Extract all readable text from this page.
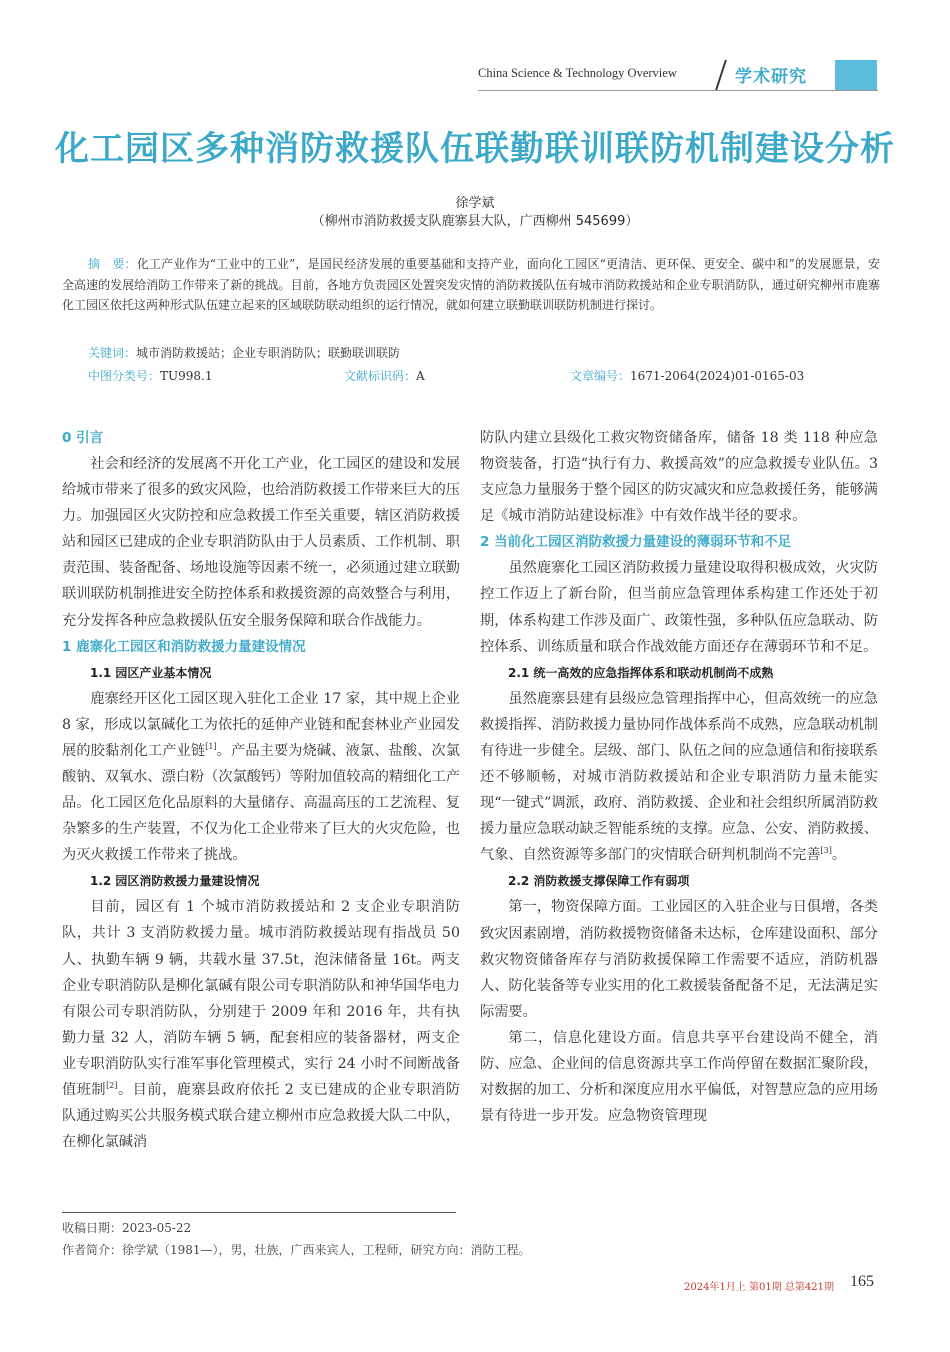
China Science & Technology Overview	学术研究
化工园区多种消防救援队伍联勤联训联防机制建设分析
徐学斌
（柳州市消防救援支队鹿寨县大队，广西柳州 545699）
摘　要：化工产业作为“工业中的工业”，是国民经济发展的重要基础和支持产业，面向化工园区“更清洁、更环保、更安全、碳中和”的发展愿景，安全高速的发展给消防工作带来了新的挑战。目前，各地方负责园区处置突发灾情的消防救援队伍有城市消防救援站和企业专职消防队，通过研究柳州市鹿寨化工园区依托这两种形式队伍建立起来的区域联防联动组织的运行情况，就如何建立联勤联训联防机制进行探讨。
关键词：城市消防救援站；企业专职消防队；联勤联训联防
中图分类号：TU998.1	文献标识码：A	文章编号：1671-2064(2024)01-0165-03
0 引言

社会和经济的发展离不开化工产业，化工园区的建设和发展给城市带来了很多的致灾风险，也给消防救援工作带来巨大的压力。加强园区火灾防控和应急救援工作至关重要，辖区消防救援站和园区已建成的企业专职消防队由于人员素质、工作机制、职责范围、装备配备、场地设施等因素不统一，必须通过建立联勤联训联防机制推进安全防控体系和救援资源的高效整合与利用，充分发挥各种应急救援队伍安全服务保障和联合作战能力。

1 鹿寨化工园区和消防救援力量建设情况
1.1 园区产业基本情况

鹿寨经开区化工园区现入驻化工企业 17 家，其中规上企业 8 家，形成以氯碱化工为依托的延伸产业链和配套林业产业园发展的胶黏剂化工产业链[1]。产品主要为烧碱、液氯、盐酸、次氯酸钠、双氧水、漂白粉（次氯酸钙）等附加值较高的精细化工产品。化工园区危化品原料的大量储存、高温高压的工艺流程、复杂繁多的生产装置，不仅为化工企业带来了巨大的火灾危险，也为灭火救援工作带来了挑战。

1.2 园区消防救援力量建设情况

目前，园区有 1 个城市消防救援站和 2 支企业专职消防队，共计 3 支消防救援力量。城市消防救援站现有指战员 50 人、执勤车辆 9 辆，共载水量 37.5t，泡沫储备量 16t。两支企业专职消防队是柳化氯碱有限公司专职消防队和神华国华电力有限公司专职消防队，分别建于 2009 年和 2016 年，共有执勤力量 32 人，消防车辆 5 辆，配套相应的装备器材，两支企业专职消防队实行准军事化管理模式，实行 24 小时不间断战备值班制[2]。目前，鹿寨县政府依托 2 支已建成的企业专职消防队通过购买公共服务模式联合建立柳州市应急救援大队二中队，在柳化氯碱消

防队内建立县级化工救灾物资储备库，储备 18 类 118 种应急物资装备，打造“执行有力、救援高效”的应急救援专业队伍。3 支应急力量服务于整个园区的防灾减灾和应急救援任务，能够满足《城市消防站建设标准》中有效作战半径的要求。

2 当前化工园区消防救援力量建设的薄弱环节和不足

虽然鹿寨化工园区消防救援力量建设取得积极成效，火灾防控工作迈上了新台阶，但当前应急管理体系构建工作还处于初期，体系构建工作涉及面广、政策性强，多种队伍应急联动、防控体系、训练质量和联合作战效能方面还存在薄弱环节和不足。

2.1 统一高效的应急指挥体系和联动机制尚不成熟

虽然鹿寨县建有县级应急管理指挥中心，但高效统一的应急救援指挥、消防救援力量协同作战体系尚不成熟，应急联动机制有待进一步健全。层级、部门、队伍之间的应急通信和衔接联系还不够顺畅，对城市消防救援站和企业专职消防力量未能实现“一键式”调派，政府、消防救援、企业和社会组织所属消防救援力量应急联动缺乏智能系统的支撑。应急、公安、消防救援、气象、自然资源等多部门的灾情联合研判机制尚不完善[3]。

2.2 消防救援支撑保障工作有弱项

第一，物资保障方面。工业园区的入驻企业与日俱增，各类致灾因素剧增，消防救援物资储备未达标，仓库建设面积、部分救灾物资储备库存与消防救援保障工作需要不适应，消防机器人、防化装备等专业实用的化工救援装备配备不足，无法满足实际需要。

第二，信息化建设方面。信息共享平台建设尚不健全，消防、应急、企业间的信息资源共享工作尚停留在数据汇聚阶段，对数据的加工、分析和深度应用水平偏低，对智慧应急的应用场景有待进一步开发。应急物资管理现

收稿日期：2023-05-22
作者简介：徐学斌（1981—），男，壮族，广西来宾人，工程师，研究方向：消防工程。
2024年1月上 第01期 总第421期 165
